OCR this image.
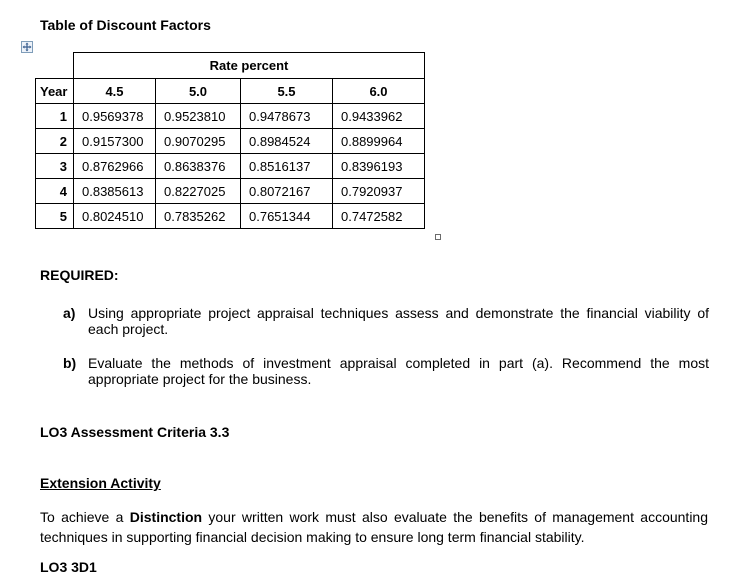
Table of Discount Factors
	Rate percent			
Year	4.5	5.0	5.5	6.0
1	0.9569378	0.9523810	0.9478673	0.9433962
2	0.9157300	0.9070295	0.8984524	0.8899964
3	0.8762966	0.8638376	0.8516137	0.8396193
4	0.8385613	0.8227025	0.8072167	0.7920937
5	0.8024510	0.7835262	0.7651344	0.7472582
REQUIRED:
a) Using appropriate project appraisal techniques assess and demonstrate the financial viability of each project.
b) Evaluate the methods of investment appraisal completed in part (a). Recommend the most appropriate project for the business.
LO3 Assessment Criteria 3.3
Extension Activity
To achieve a Distinction your written work must also evaluate the benefits of management accounting techniques in supporting financial decision making to ensure long term financial stability.
LO3 3D1
